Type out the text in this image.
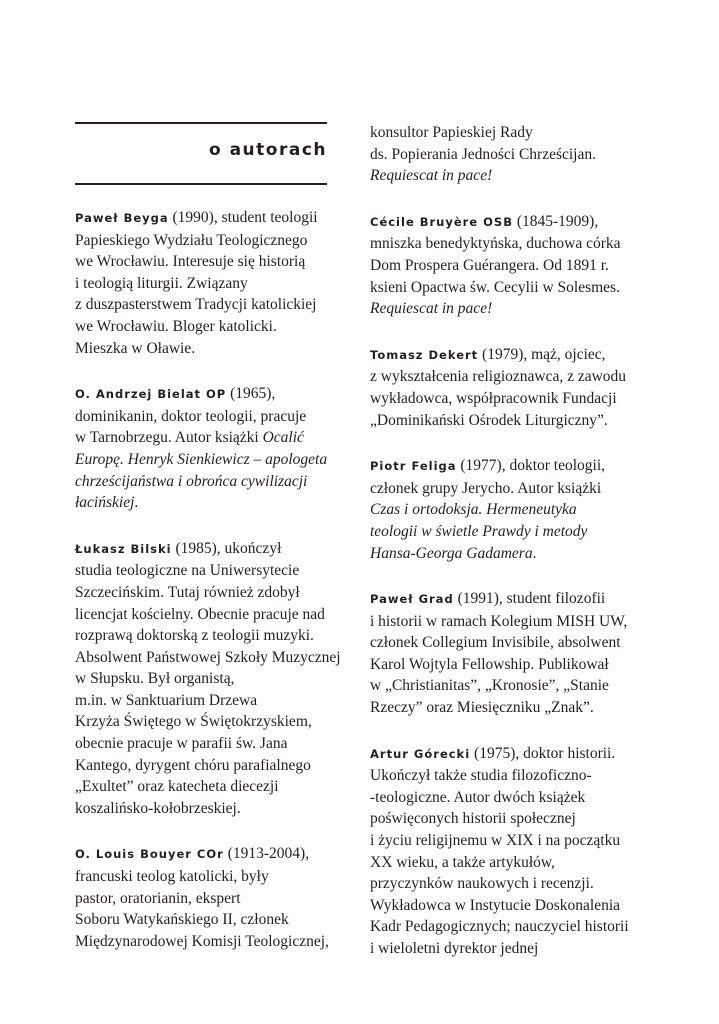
o autorach
Paweł Beyga (1990), student teologii
Papieskiego Wydziału Teologicznego
we Wrocławiu. Interesuje się historią
i teologią liturgii. Związany
z duszpasterstwem Tradycji katolickiej
we Wrocławiu. Bloger katolicki.
Mieszka w Oławie.
O. Andrzej Bielat OP (1965),
dominikanin, doktor teologii, pracuje
w Tarnobrzegu. Autor książki Ocalić
Europę. Henryk Sienkiewicz – apologeta
chrześcijaństwa i obrońca cywilizacji
łacińskiej.
Łukasz Bilski (1985), ukończył
studia teologiczne na Uniwersytecie
Szczecińskim. Tutaj również zdobył
licencjat kościelny. Obecnie pracuje nad
rozprawą doktorską z teologii muzyki.
Absolwent Państwowej Szkoły Muzycznej
w Słupsku. Był organistą,
m.in. w Sanktuarium Drzewa
Krzyża Świętego w Świętokrzyskiem,
obecnie pracuje w parafii św. Jana
Kantego, dyrygent chóru parafialnego
„Exultet” oraz katecheta diecezji
koszalińsko-kołobrzeskiej.
O. Louis Bouyer COr (1913-2004),
francuski teolog katolicki, były
pastor, oratorianin, ekspert
Soboru Watykańskiego II, członek
Międzynarodowej Komisji Teologicznej,
konsultor Papieskiej Rady
ds. Popierania Jedności Chrześcijan.
Requiescat in pace!
Cécile Bruyère OSB (1845-1909),
mniszka benedyktyńska, duchowa córka
Dom Prospera Guérangera. Od 1891 r.
ksieni Opactwa św. Cecylii w Solesmes.
Requiescat in pace!
Tomasz Dekert (1979), mąż, ojciec,
z wykształcenia religioznawca, z zawodu
wykładowca, współpracownik Fundacji
„Dominikański Ośrodek Liturgiczny”.
Piotr Feliga (1977), doktor teologii,
członek grupy Jerycho. Autor książki
Czas i ortodoksja. Hermeneutyka
teologii w świetle Prawdy i metody
Hansa-Georga Gadamera.
Paweł Grad (1991), student filozofii
i historii w ramach Kolegium MISH UW,
członek Collegium Invisibile, absolwent
Karol Wojtyla Fellowship. Publikował
w „Christianitas”, „Kronosie”, „Stanie
Rzeczy” oraz Miesięczniku „Znak”.
Artur Górecki (1975), doktor historii.
Ukończył także studia filozoficzno-
-teologiczne. Autor dwóch książek
poświęconych historii społecznej
i życiu religijnemu w XIX i na początku
XX wieku, a także artykułów,
przyczynków naukowych i recenzji.
Wykładowca w Instytucie Doskonalenia
Kadr Pedagogicznych; nauczyciel historii
i wieloletni dyrektor jednej
